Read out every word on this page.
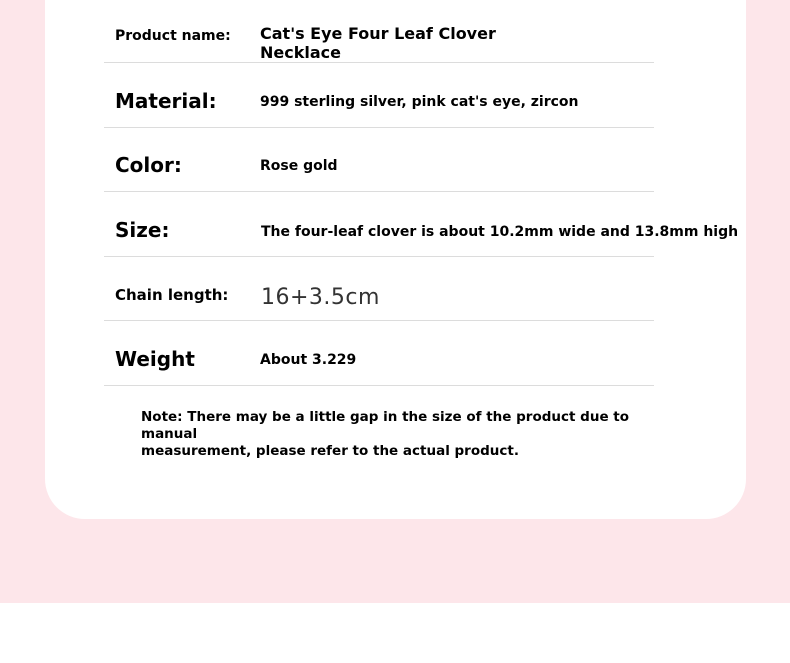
Product name: Cat's Eye Four Leaf Clover
Necklace
Material:	999 sterling silver, pink cat's eye, zircon
Color:	Rose gold
Size:	The four-leaf clover is about 10.2mm wide and 13.8mm high
Chain length: 16+3.5cm
Weight	About 3.229
Note: There may be a little gap in the size of the product due to manual
measurement, please refer to the actual product.
